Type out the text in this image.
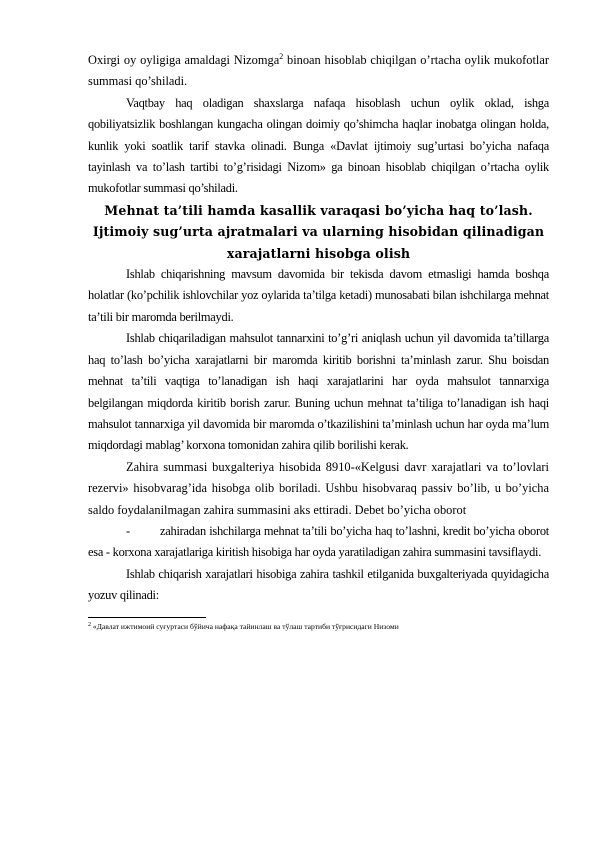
Oxirgi oy oyligiga amaldagi Nizomga$^2$ binoan hisoblab chiqilgan o’rtacha oylik mukofotlar summasi qo’shiladi.

Vaqtbay haq oladigan shaxslarga nafaqa hisoblash uchun oylik oklad, ishga qobiliyatsizlik boshlangan kungacha olingan doimiy qo’shimcha haqlar inobatga olingan holda, kunlik yoki soatlik tarif stavka olinadi. Bunga «Davlat ijtimoiy sug’urtasi bo’yicha nafaqa tayinlash va to’lash tartibi to’g’risidagi Nizom» ga binoan hisoblab chiqilgan o’rtacha oylik mukofotlar summasi qo’shiladi.

Mehnat ta’tili hamda kasallik varaqasi bo’yicha haq to’lash.
Ijtimoiy sug’urta ajratmalari va ularning hisobidan qilinadigan
xarajatlarni hisobga olish

Ishlab chiqarishning mavsum davomida bir tekisda davom etmasligi hamda boshqa holatlar (ko’pchilik ishlovchilar yoz oylarida ta’tilga ketadi) munosabati bilan ishchilarga mehnat ta’tili bir maromda berilmaydi.

Ishlab chiqariladigan mahsulot tannarxini to’g’ri aniqlash uchun yil davomida ta’tillarga haq to’lash bo’yicha xarajatlarni bir maromda kiritib borishni ta’minlash zarur. Shu boisdan mehnat ta’tili vaqtiga to’lanadigan ish haqi xarajatlarini har oyda mahsulot tannarxiga belgilangan miqdorda kiritib borish zarur. Buning uchun mehnat ta’tiliga to’lanadigan ish haqi mahsulot tannarxiga yil davomida bir maromda o’tkazilishini ta’minlash uchun har oyda ma’lum miqdordagi mablag’ korxona tomonidan zahira qilib borilishi kerak.

Zahira summasi buxgalteriya hisobida 8910-«Kelgusi davr xarajatlari va to’lovlari rezervi» hisobvarag’ida hisobga olib boriladi. Ushbu hisobvaraq passiv bo’lib, u bo’yicha saldo foydalanilmagan zahira summasini aks ettiradi. Debet bo’yicha oborot

- zahiradan ishchilarga mehnat ta’tili bo’yicha haq to’lashni, kredit bo’yicha oborot esa - korxona xarajatlariga kiritish hisobiga har oyda yaratiladigan zahira summasini tavsiflaydi.

Ishlab chiqarish xarajatlari hisobiga zahira tashkil etilganida buxgalteriyada quyidagicha yozuv qilinadi:

$^2$ «Давлат ижтимоий суғуртаси бўйича нафақа тайинлаш ва тўлаш тартиби тўғрисидаги Низоми
